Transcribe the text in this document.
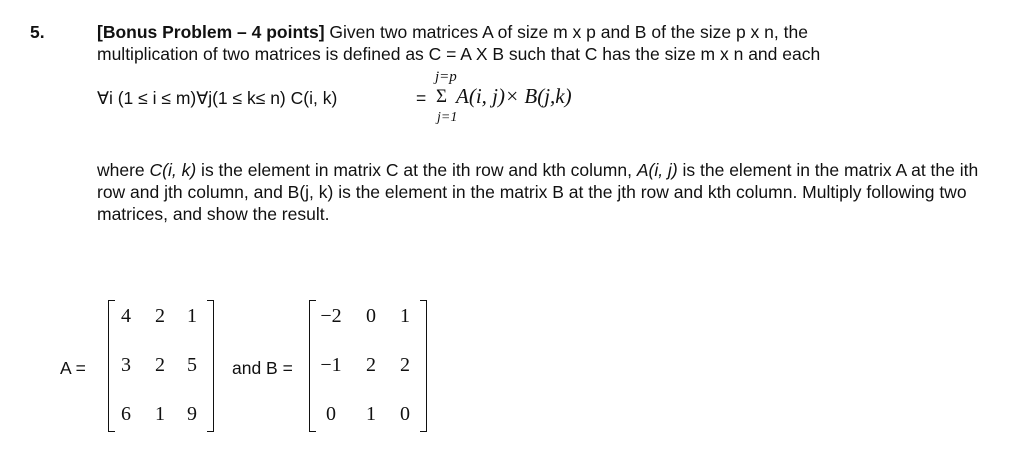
5.	[Bonus Problem – 4 points] Given two matrices A of size m x p and B of the size p x n, the
multiplication of two matrices is defined as C = A X B such that C has the size m x n and each
∀i (1 ≤ i ≤ m)∀j(1 ≤ k≤ n) C(i, k)	=
j=p
Σ
j=1
A(i, j)× B(j,k)
where C(i, k) is the element in matrix C at the ith row and kth column, A(i, j) is the element in the matrix A at the ith row and jth column, and B(j, k) is the element in the matrix B at the jth row and kth column. Multiply following two matrices, and show the result.
A =
4	2	1
3	2	5
6	1	9
and B =
−2	0	1
−1	2	2
0	1	0
